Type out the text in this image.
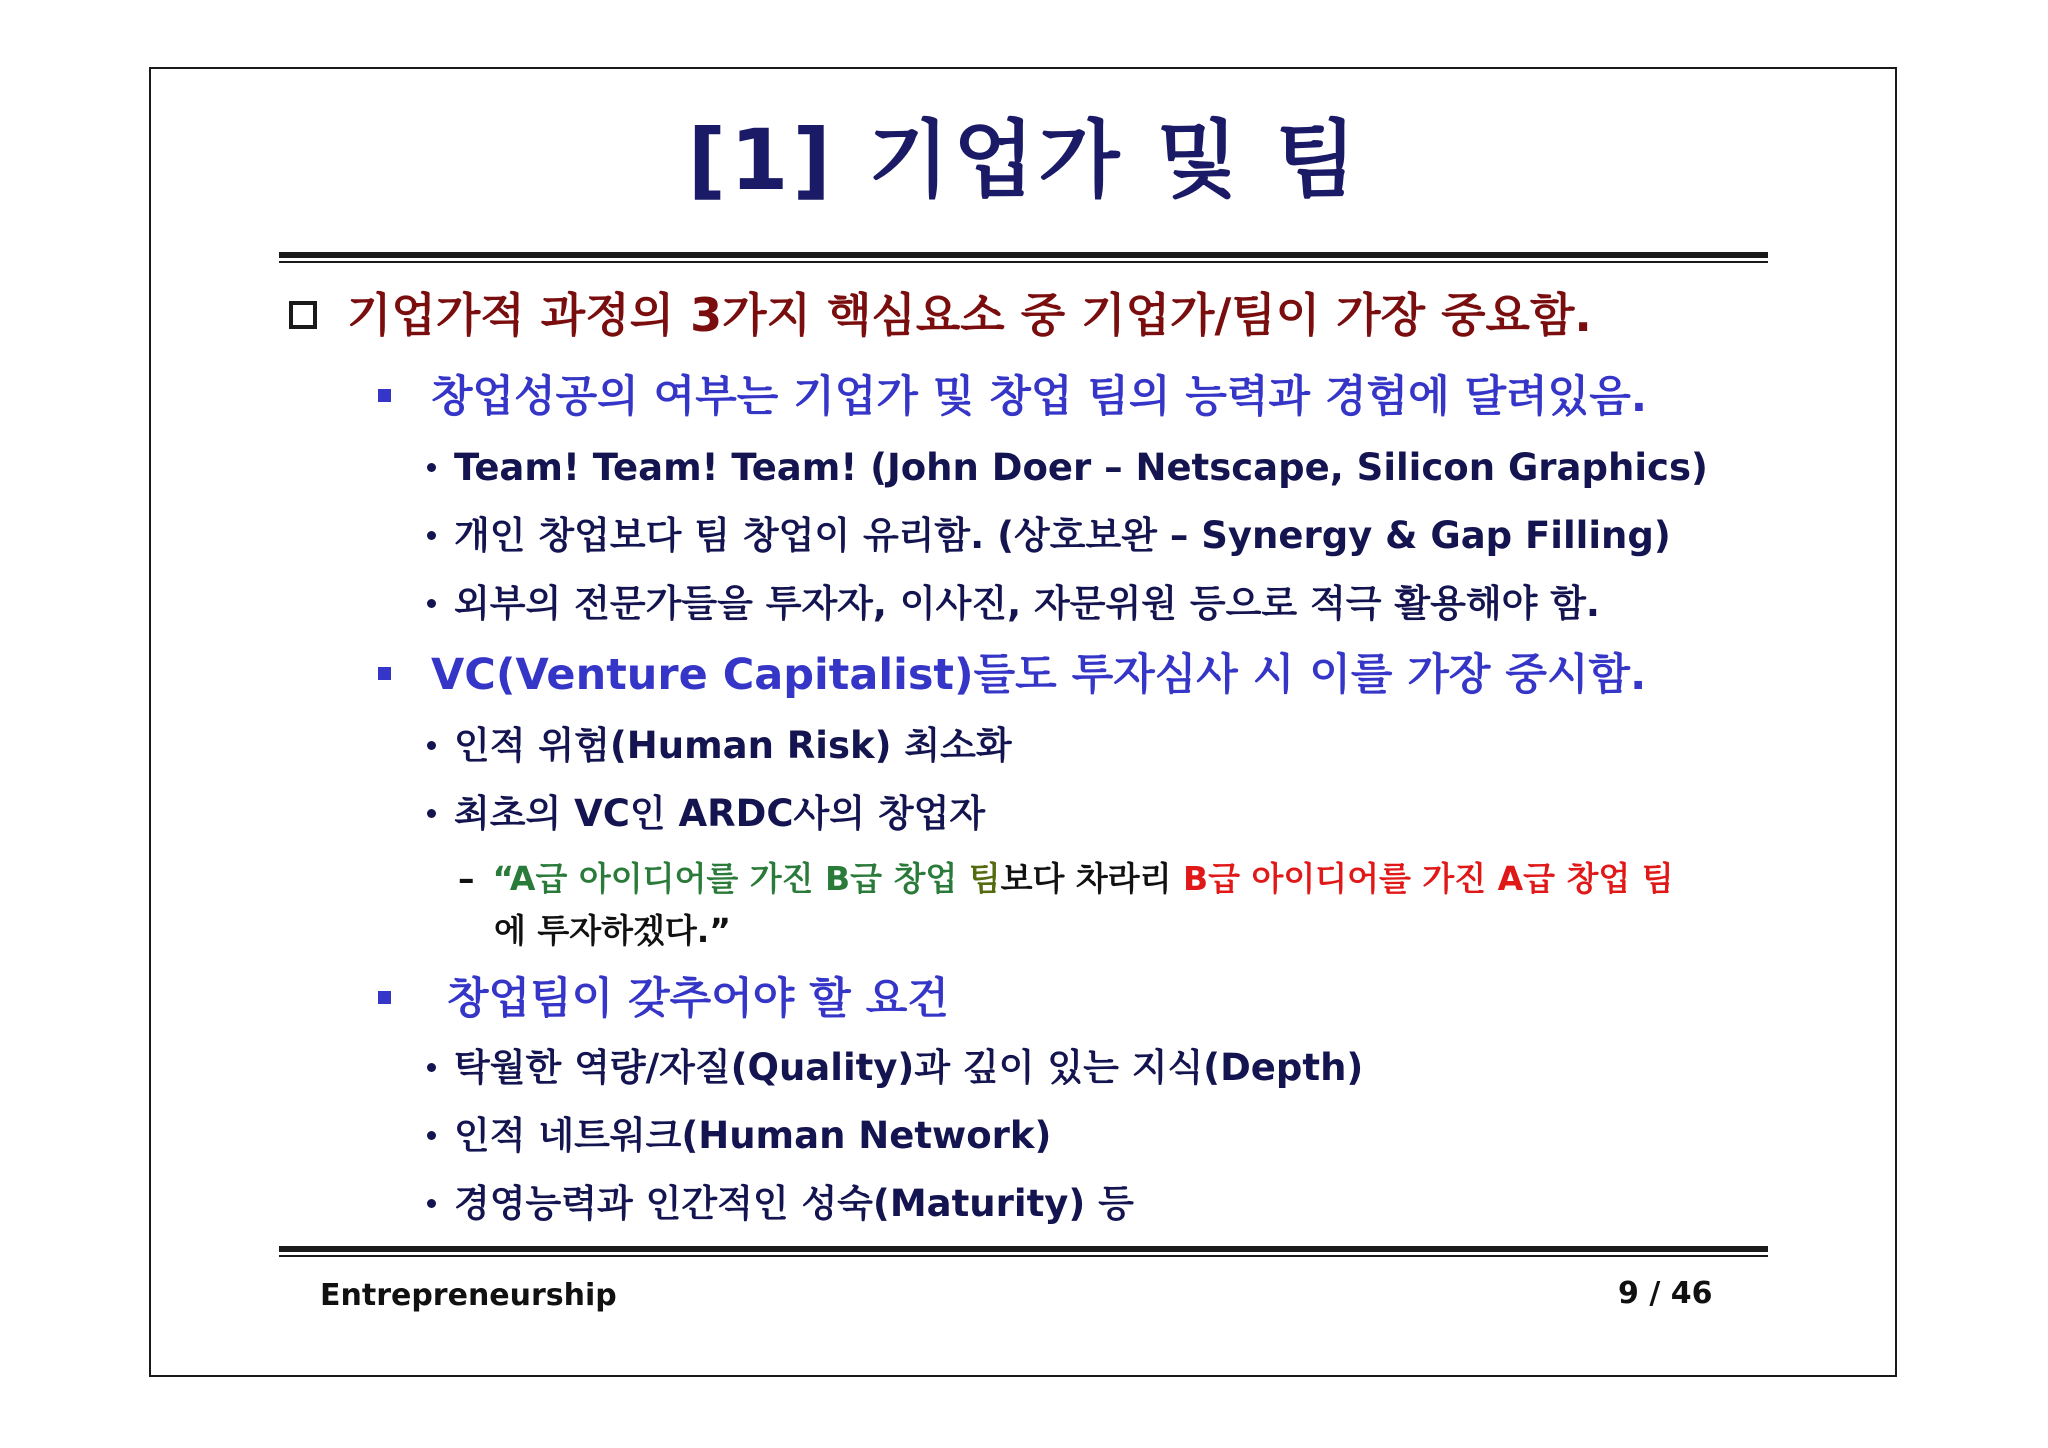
[1] 기업가 및 팀
기업가적 과정의 3가지 핵심요소 중 기업가/팀이 가장 중요함.
창업성공의 여부는 기업가 및 창업 팀의 능력과 경험에 달려있음.
Team! Team! Team! (John Doer – Netscape, Silicon Graphics)
개인 창업보다 팀 창업이 유리함. (상호보완 – Synergy & Gap Filling)
외부의 전문가들을 투자자, 이사진, 자문위원 등으로 적극 활용해야 함.
VC(Venture Capitalist)들도 투자심사 시 이를 가장 중시함.
인적 위험(Human Risk) 최소화
최초의 VC인 ARDC사의 창업자
– “A급 아이디어를 가진 B급 창업 팀보다 차라리 B급 아이디어를 가진 A급 창업 팀
에 투자하겠다.”
창업팀이 갖추어야 할 요건
탁월한 역량/자질(Quality)과 깊이 있는 지식(Depth)
인적 네트워크(Human Network)
경영능력과 인간적인 성숙(Maturity) 등
Entrepreneurship	9 / 46
